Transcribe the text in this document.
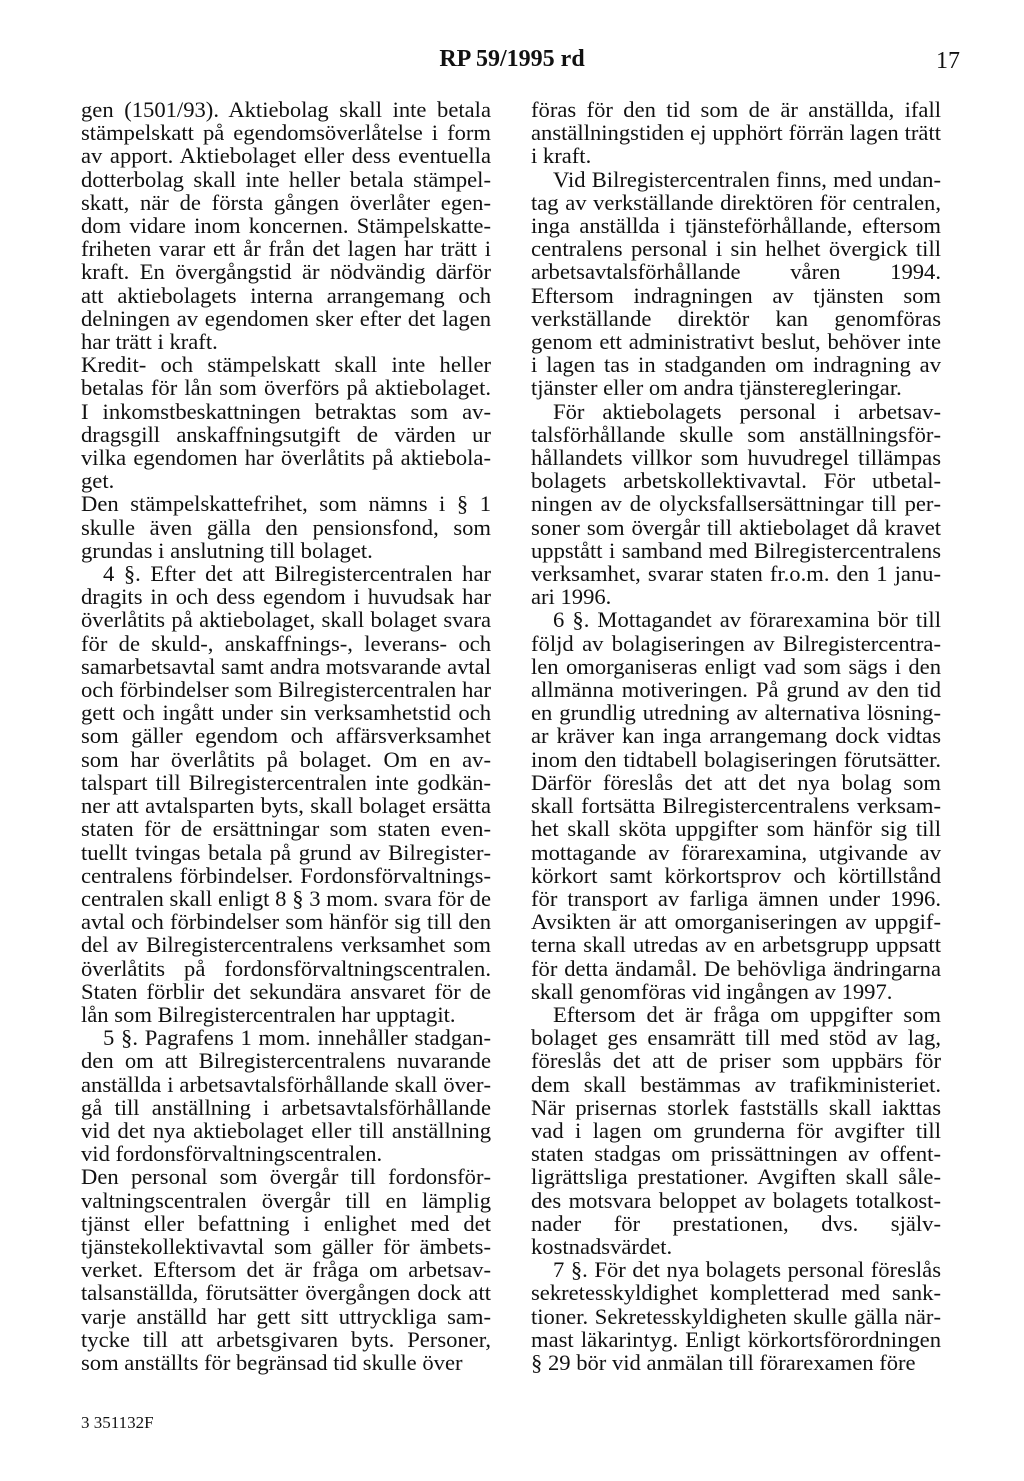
RP 59/1995 rd	17

gen (1501/93). Aktiebolag skall inte betala stämpelskatt på egendomsöverlåtelse i form av apport. Aktiebolaget eller dess eventuella dotterbolag skall inte heller betala stämpelskatt, när de första gången överlåter egendom vidare inom koncernen. Stämpelskattefriheten varar ett år från det lagen har trätt i kraft. En övergångstid är nödvändig därför att aktiebolagets interna arrangemang och delningen av egendomen sker efter det lagen har trätt i kraft.

Kredit- och stämpelskatt skall inte heller betalas för lån som överförs på aktiebolaget. I inkomstbeskattningen betraktas som avdragsgill anskaffningsutgift de värden ur vilka egendomen har överlåtits på aktiebolaget.

Den stämpelskattefrihet, som nämns i § 1 skulle även gälla den pensionsfond, som grundas i anslutning till bolaget.

4 §. Efter det att Bilregistercentralen har dragits in och dess egendom i huvudsak har överlåtits på aktiebolaget, skall bolaget svara för de skuld-, anskaffnings-, leverans- och samarbetsavtal samt andra motsvarande avtal och förbindelser som Bilregistercentralen har gett och ingått under sin verksamhetstid och som gäller egendom och affärsverksamhet som har överlåtits på bolaget. Om en avtalspart till Bilregistercentralen inte godkänner att avtalsparten byts, skall bolaget ersätta staten för de ersättningar som staten eventuellt tvingas betala på grund av Bilregistercentralens förbindelser. Fordonsförvaltningscentralen skall enligt 8 § 3 mom. svara för de avtal och förbindelser som hänför sig till den del av Bilregistercentralens verksamhet som överlåtits på fordonsförvaltningscentralen. Staten förblir det sekundära ansvaret för de lån som Bilregistercentralen har upptagit.

5 §. Pagrafens 1 mom. innehåller stadganden om att Bilregistercentralens nuvarande anställda i arbetsavtalsförhållande skall övergå till anställning i arbetsavtalsförhållande vid det nya aktiebolaget eller till anställning vid fordonsförvaltningscentralen.

Den personal som övergår till fordonsförvaltningscentralen övergår till en lämplig tjänst eller befattning i enlighet med det tjänstekollektivavtal som gäller för ämbetsverket. Eftersom det är fråga om arbetsavtalsanställda, förutsätter övergången dock att varje anställd har gett sitt uttryckliga samtycke till att arbetsgivaren byts. Personer, som anställts för begränsad tid skulle över

föras för den tid som de är anställda, ifall anställningstiden ej upphört förrän lagen trätt i kraft.

Vid Bilregistercentralen finns, med undantag av verkställande direktören för centralen, inga anställda i tjänsteförhållande, eftersom centralens personal i sin helhet övergick till arbetsavtalsförhållande våren 1994. Eftersom indragningen av tjänsten som verkställande direktör kan genomföras genom ett administrativt beslut, behöver inte i lagen tas in stadganden om indragning av tjänster eller om andra tjänsteregleringar.

För aktiebolagets personal i arbetsavtalsförhållande skulle som anställningsförhållandets villkor som huvudregel tillämpas bolagets arbetskollektivavtal. För utbetalningen av de olycksfallsersättningar till personer som övergår till aktiebolaget då kravet uppstått i samband med Bilregistercentralens verksamhet, svarar staten fr.o.m. den 1 januari 1996.

6 §. Mottagandet av förarexamina bör till följd av bolagiseringen av Bilregistercentralen omorganiseras enligt vad som sägs i den allmänna motiveringen. På grund av den tid en grundlig utredning av alternativa lösningar kräver kan inga arrangemang dock vidtas inom den tidtabell bolagiseringen förutsätter. Därför föreslås det att det nya bolag som skall fortsätta Bilregistercentralens verksamhet skall sköta uppgifter som hänför sig till mottagande av förarexamina, utgivande av körkort samt körkortsprov och körtillstånd för transport av farliga ämnen under 1996. Avsikten är att omorganiseringen av uppgifterna skall utredas av en arbetsgrupp uppsatt för detta ändamål. De behövliga ändringarna skall genomföras vid ingången av 1997.

Eftersom det är fråga om uppgifter som bolaget ges ensamrätt till med stöd av lag, föreslås det att de priser som uppbärs för dem skall bestämmas av trafikministeriet. När prisernas storlek fastställs skall iakttas vad i lagen om grunderna för avgifter till staten stadgas om prissättningen av offentligrättsliga prestationer. Avgiften skall således motsvara beloppet av bolagets totalkostnader för prestationen, dvs. självkostnadsvärdet.

7 §. För det nya bolagets personal föreslås sekretesskyldighet kompletterad med sanktioner. Sekretesskyldigheten skulle gälla närmast läkarintyg. Enligt körkortsförordningen § 29 bör vid anmälan till förarexamen före

3 351132F
